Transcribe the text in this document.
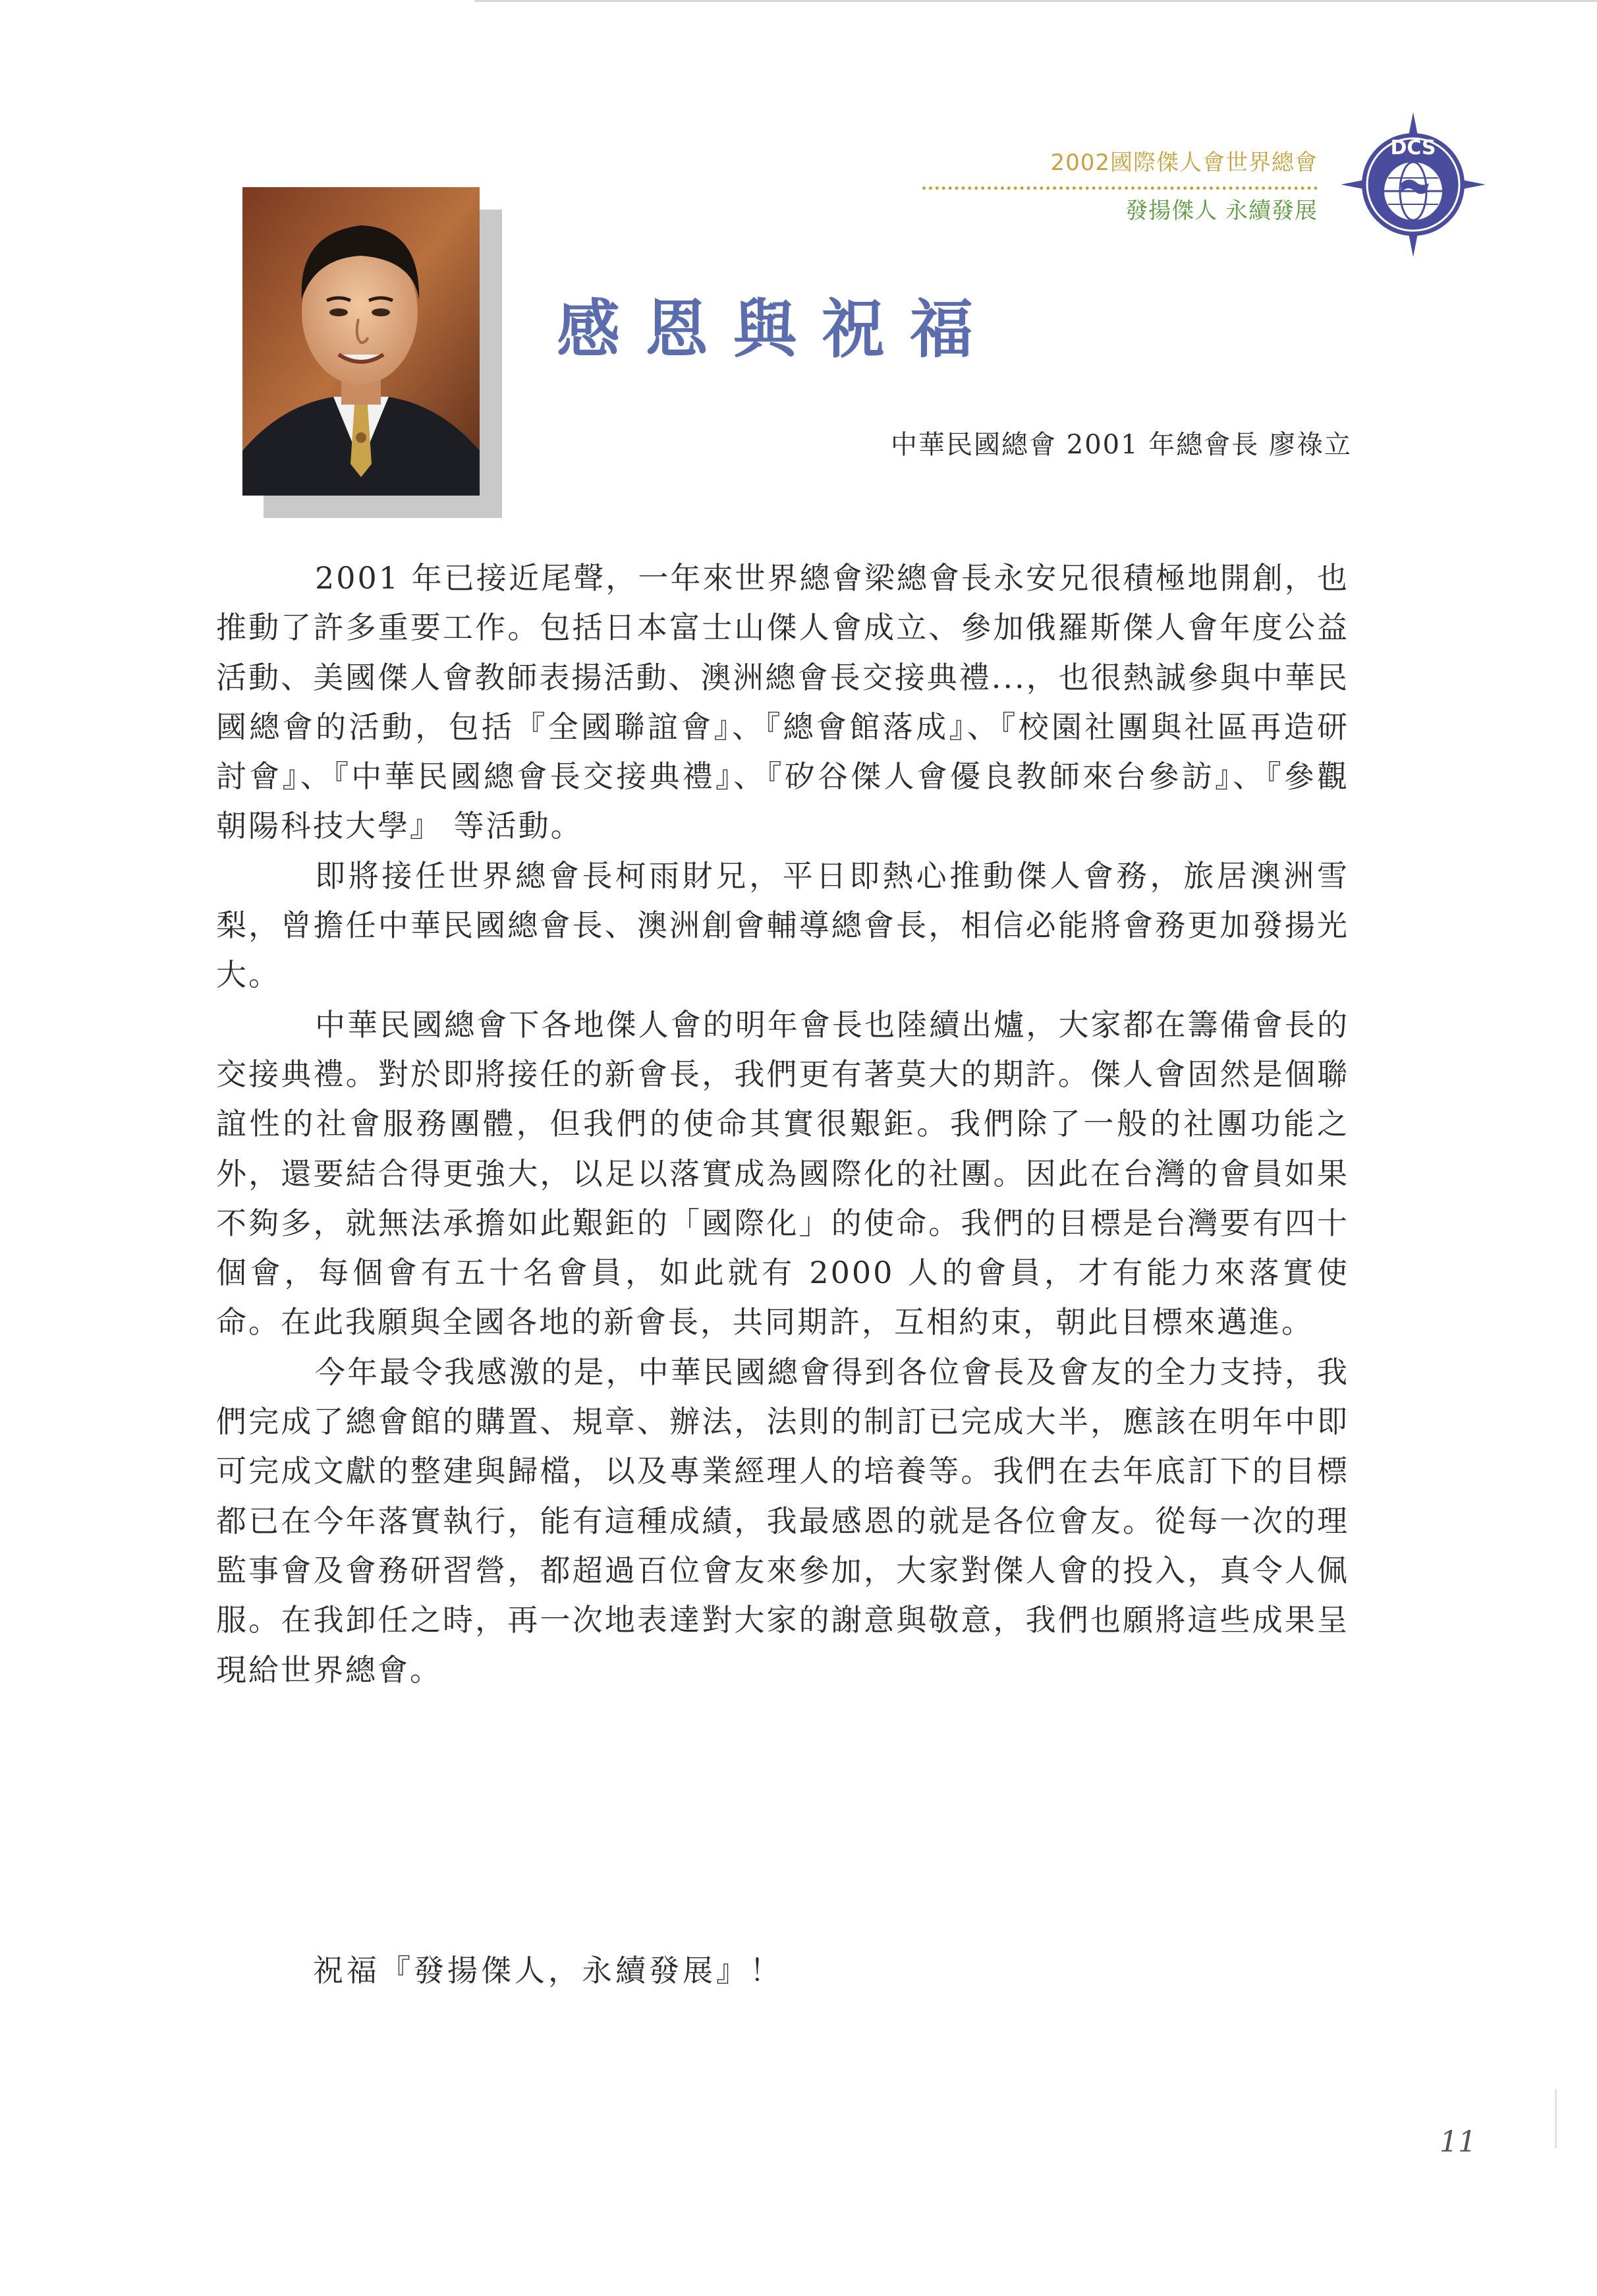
2002國際傑人會世界總會
發揚傑人 永續發展
DCS
感恩與祝福
中華民國總會 2001 年總會長 廖祿立

2001 年已接近尾聲，一年來世界總會梁總會長永安兄很積極地開創，也推動了許多重要工作。包括日本富士山傑人會成立、參加俄羅斯傑人會年度公益活動、美國傑人會教師表揚活動、澳洲總會長交接典禮...，也很熱誠參與中華民國總會的活動，包括『全國聯誼會』、『總會館落成』、『校園社團與社區再造研討會』、『中華民國總會長交接典禮』、『矽谷傑人會優良教師來台參訪』、『參觀朝陽科技大學』 等活動。

即將接任世界總會長柯雨財兄，平日即熱心推動傑人會務，旅居澳洲雪梨，曾擔任中華民國總會長、澳洲創會輔導總會長，相信必能將會務更加發揚光大。

中華民國總會下各地傑人會的明年會長也陸續出爐，大家都在籌備會長的交接典禮。對於即將接任的新會長，我們更有著莫大的期許。傑人會固然是個聯誼性的社會服務團體，但我們的使命其實很艱鉅。我們除了一般的社團功能之外，還要結合得更強大，以足以落實成為國際化的社團。因此在台灣的會員如果不夠多，就無法承擔如此艱鉅的「國際化」的使命。我們的目標是台灣要有四十個會，每個會有五十名會員，如此就有 2000 人的會員，才有能力來落實使命。在此我願與全國各地的新會長，共同期許，互相約束，朝此目標來邁進。

今年最令我感激的是，中華民國總會得到各位會長及會友的全力支持，我們完成了總會館的購置、規章、辦法，法則的制訂已完成大半，應該在明年中即可完成文獻的整建與歸檔，以及專業經理人的培養等。我們在去年底訂下的目標都已在今年落實執行，能有這種成績，我最感恩的就是各位會友。從每一次的理監事會及會務研習營，都超過百位會友來參加，大家對傑人會的投入，真令人佩服。在我卸任之時，再一次地表達對大家的謝意與敬意，我們也願將這些成果呈現給世界總會。

祝福『發揚傑人，永續發展』！
11
